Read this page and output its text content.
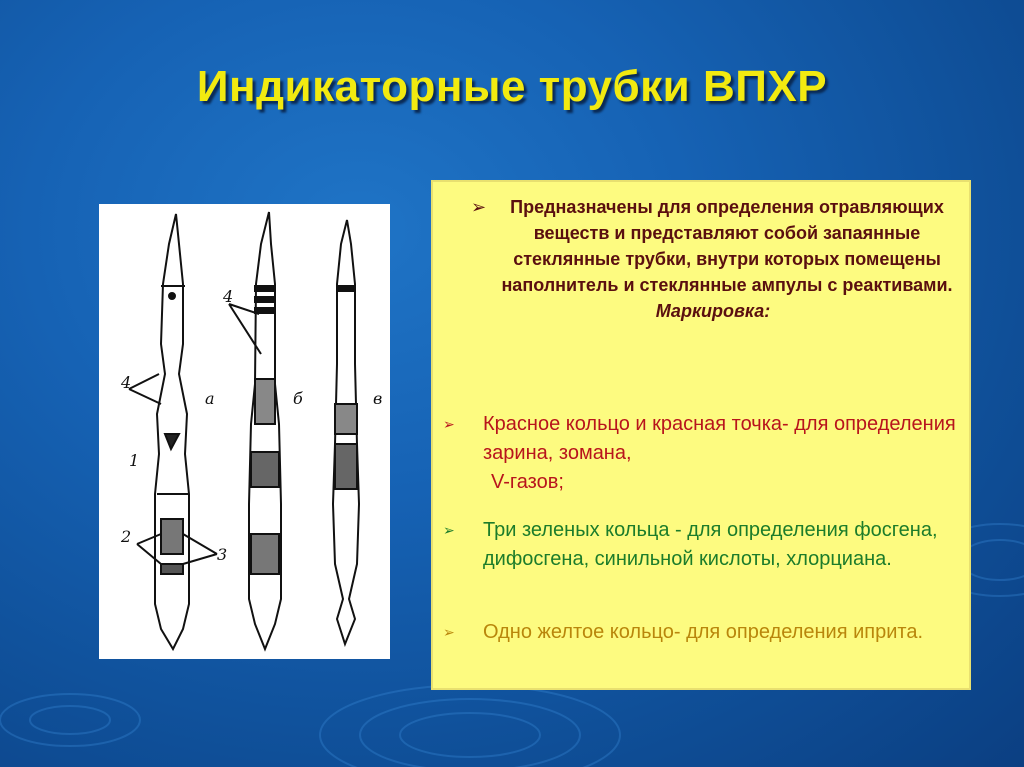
Индикаторные трубки ВПХР
4
1
2
3
4
а	б	в
➢	Предназначены для определения отравляющих веществ и представляют собой запаянные стеклянные трубки, внутри которых помещены наполнитель и стеклянные ампулы с реактивами.
Маркировка:
➢	Красное кольцо и красная точка- для определения зарина, зомана,
V-газов;
➢	Три зеленых кольца - для определения фосгена, дифосгена, синильной кислоты, хлорциана.
➢	Одно желтое кольцо- для определения иприта.
